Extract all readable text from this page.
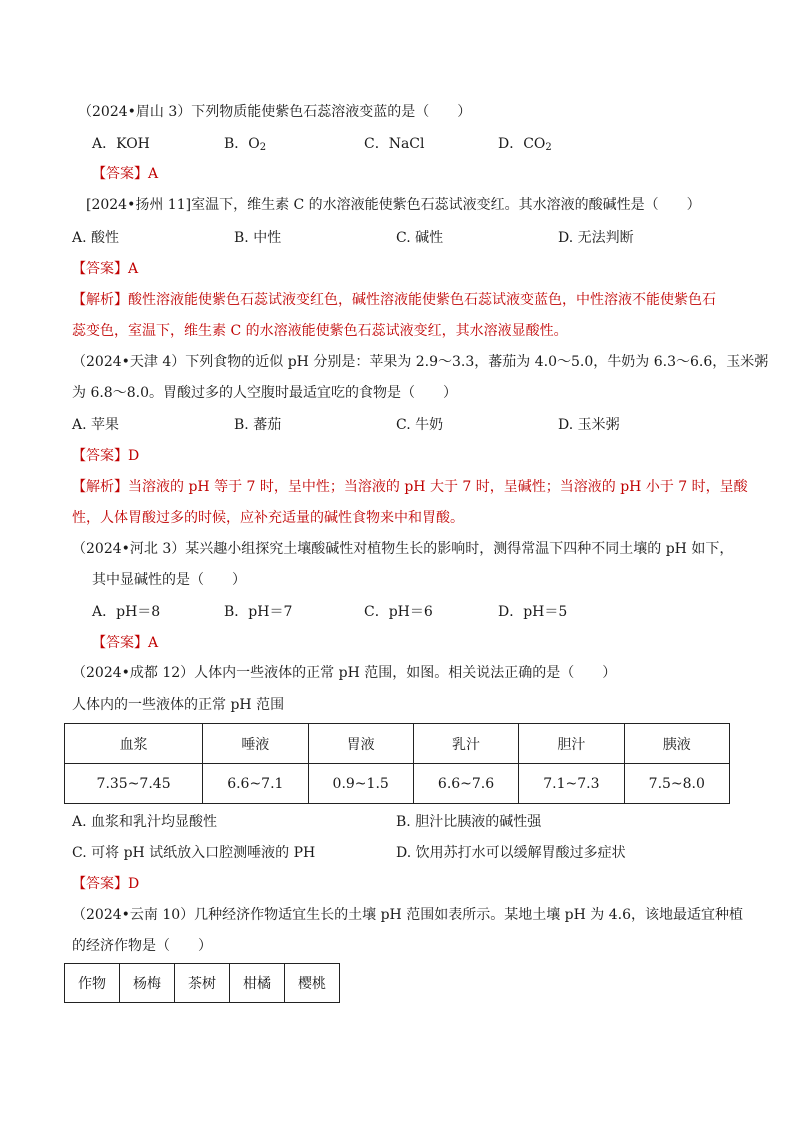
（2024•眉山 3）下列物质能使紫色石蕊溶液变蓝的是（　　）
A．KOH	B．$O_2$	C．NaCl	D．$CO_2$
【答案】A
[2024•扬州 11]室温下，维生素 C 的水溶液能使紫色石蕊试液变红。其水溶液的酸碱性是（　　）
A. 酸性	B. 中性	C. 碱性	D. 无法判断
【答案】A
【解析】酸性溶液能使紫色石蕊试液变红色，碱性溶液能使紫色石蕊试液变蓝色，中性溶液不能使紫色石
蕊变色，室温下，维生素 C 的水溶液能使紫色石蕊试液变红，其水溶液显酸性。
（2024•天津 4）下列食物的近似 pH 分别是：苹果为 2.9～3.3，蕃茄为 4.0～5.0，牛奶为 6.3～6.6，玉米粥
为 6.8～8.0。胃酸过多的人空腹时最适宜吃的食物是（　　）
A. 苹果	B. 蕃茄	C. 牛奶	D. 玉米粥
【答案】D
【解析】当溶液的 pH 等于 7 时，呈中性；当溶液的 pH 大于 7 时，呈碱性；当溶液的 pH 小于 7 时，呈酸
性，人体胃酸过多的时候，应补充适量的碱性食物来中和胃酸。
（2024•河北 3）某兴趣小组探究土壤酸碱性对植物生长的影响时，测得常温下四种不同土壤的 pH 如下，
其中显碱性的是（　　）
A．pH＝8	B．pH＝7	C．pH＝6	D．pH＝5
【答案】A
（2024•成都 12）人体内一些液体的正常 pH 范围，如图。相关说法正确的是（　　）
人体内的一些液体的正常 pH 范围
血浆	唾液	胃液	乳汁	胆汁	胰液
7.35~7.45	6.6~7.1	0.9~1.5	6.6~7.6	7.1~7.3	7.5~8.0
A. 血浆和乳汁均显酸性	B. 胆汁比胰液的碱性强
C. 可将 pH 试纸放入口腔测唾液的 PH	D. 饮用苏打水可以缓解胃酸过多症状
【答案】D
（2024•云南 10）几种经济作物适宜生长的土壤 pH 范围如表所示。某地土壤 pH 为 4.6，该地最适宜种植
的经济作物是（　　）
作物	杨梅	茶树	柑橘	樱桃
